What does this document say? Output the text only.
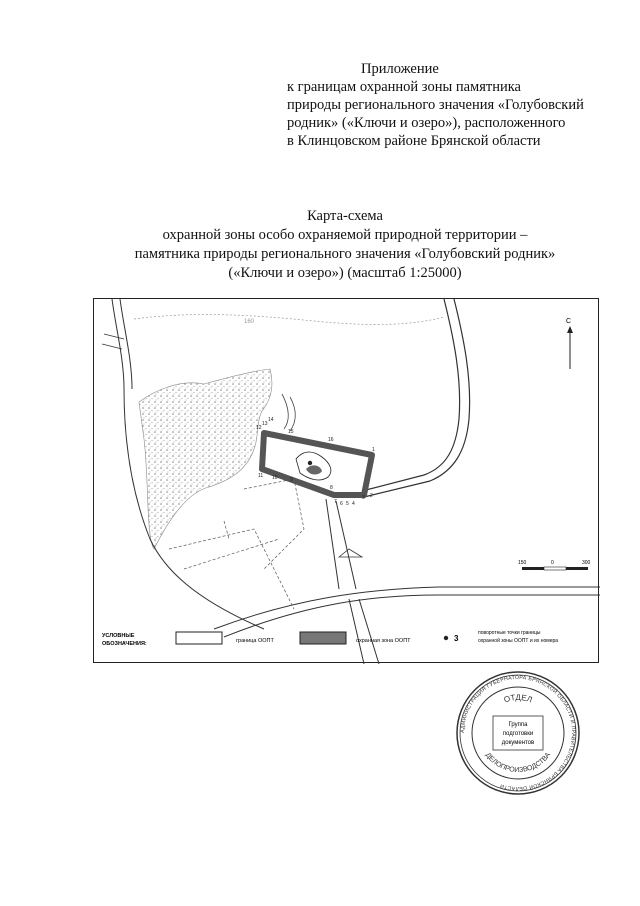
Приложение
к границам охранной зоны памятника
природы регионального значения «Голубовский
родник» («Ключи и озеро»), расположенного
в Клинцовском районе Брянской области
Карта-схема
охранной зоны особо охраняемой природной территории –
памятника природы регионального значения «Голубовский родник»
(«Ключи и озеро») (масштаб 1:25000)
160
1
2
3
4
5
6
7
8
9
10
11
12
13
14
15
16
С
150	0	300
УСЛОВНЫЕ
ОБОЗНАЧЕНИЯ:	граница ООПТ	охранная зона ООПТ	3
поворотные точки границы
охранной зоны ООПТ и их номера
АДМИНИСТРАЦИЯ ГУБЕРНАТОРА БРЯНСКОЙ ОБЛАСТИ И ПРАВИТЕЛЬСТВА БРЯНСКОЙ ОБЛАСТИ
ОТДЕЛ
ДЕЛОПРОИЗВОДСТВА
Группа
подготовки
документов
